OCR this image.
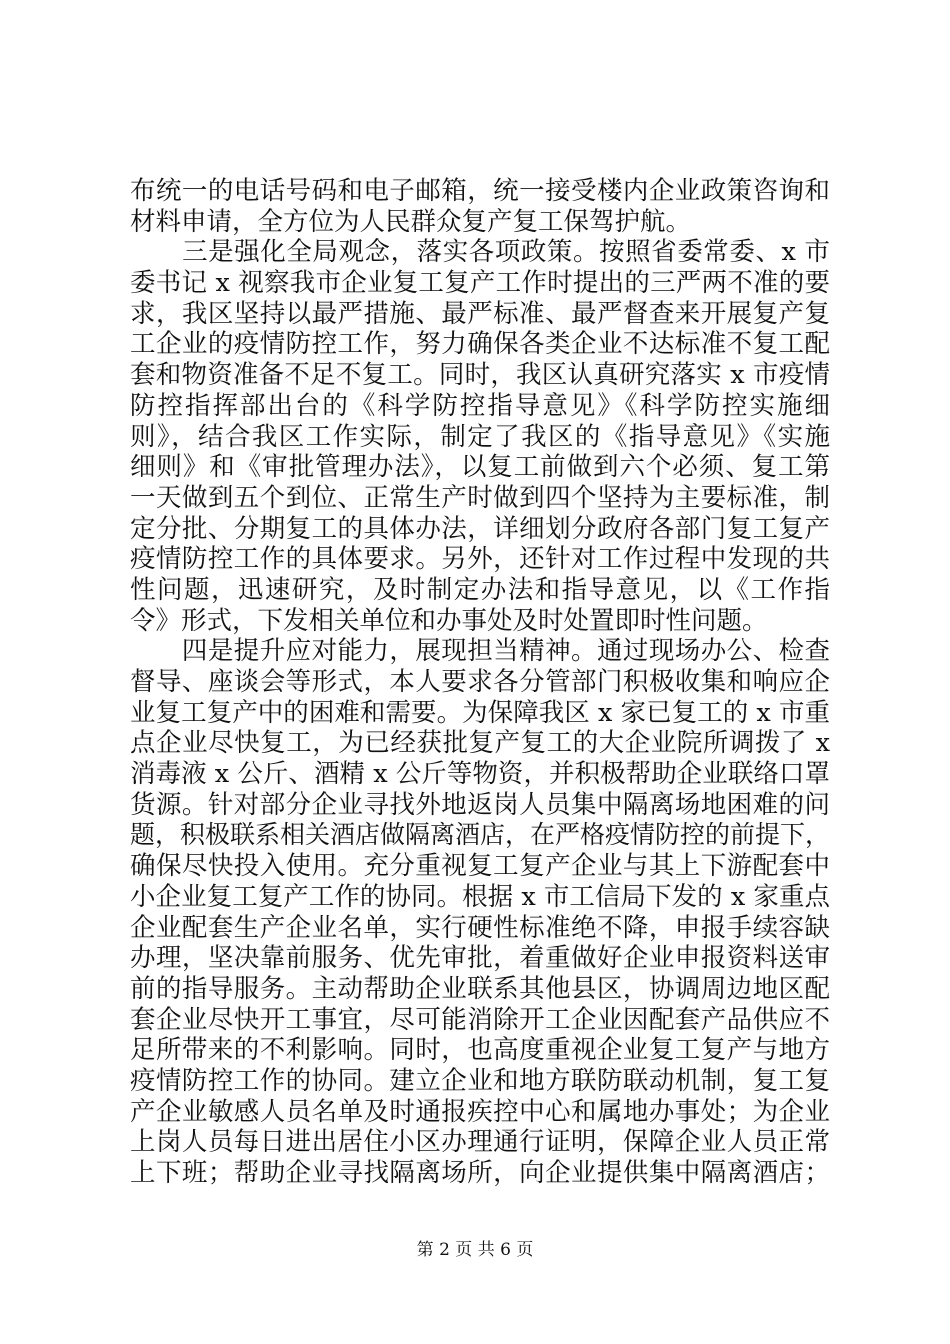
布统一的电话号码和电子邮箱，统一接受楼内企业政策咨询和
材料申请，全方位为人民群众复产复工保驾护航。
　　三是强化全局观念，落实各项政策。按照省委常委、x 市
委书记 x 视察我市企业复工复产工作时提出的三严两不准的要
求，我区坚持以最严措施、最严标准、最严督查来开展复产复
工企业的疫情防控工作，努力确保各类企业不达标准不复工配
套和物资准备不足不复工。同时，我区认真研究落实 x 市疫情
防控指挥部出台的《科学防控指导意见》《科学防控实施细
则》，结合我区工作实际，制定了我区的《指导意见》《实施
细则》和《审批管理办法》，以复工前做到六个必须、复工第
一天做到五个到位、正常生产时做到四个坚持为主要标准，制
定分批、分期复工的具体办法，详细划分政府各部门复工复产
疫情防控工作的具体要求。另外，还针对工作过程中发现的共
性问题，迅速研究，及时制定办法和指导意见，以《工作指
令》形式，下发相关单位和办事处及时处置即时性问题。
　　四是提升应对能力，展现担当精神。通过现场办公、检查
督导、座谈会等形式，本人要求各分管部门积极收集和响应企
业复工复产中的困难和需要。为保障我区 x 家已复工的 x 市重
点企业尽快复工，为已经获批复产复工的大企业院所调拨了 x
消毒液 x 公斤、酒精 x 公斤等物资，并积极帮助企业联络口罩
货源。针对部分企业寻找外地返岗人员集中隔离场地困难的问
题，积极联系相关酒店做隔离酒店，在严格疫情防控的前提下，
确保尽快投入使用。充分重视复工复产企业与其上下游配套中
小企业复工复产工作的协同。根据 x 市工信局下发的 x 家重点
企业配套生产企业名单，实行硬性标准绝不降，申报手续容缺
办理，坚决靠前服务、优先审批，着重做好企业申报资料送审
前的指导服务。主动帮助企业联系其他县区，协调周边地区配
套企业尽快开工事宜，尽可能消除开工企业因配套产品供应不
足所带来的不利影响。同时，也高度重视企业复工复产与地方
疫情防控工作的协同。建立企业和地方联防联动机制，复工复
产企业敏感人员名单及时通报疾控中心和属地办事处；为企业
上岗人员每日进出居住小区办理通行证明，保障企业人员正常
上下班；帮助企业寻找隔离场所，向企业提供集中隔离酒店；
第 2 页 共 6 页
